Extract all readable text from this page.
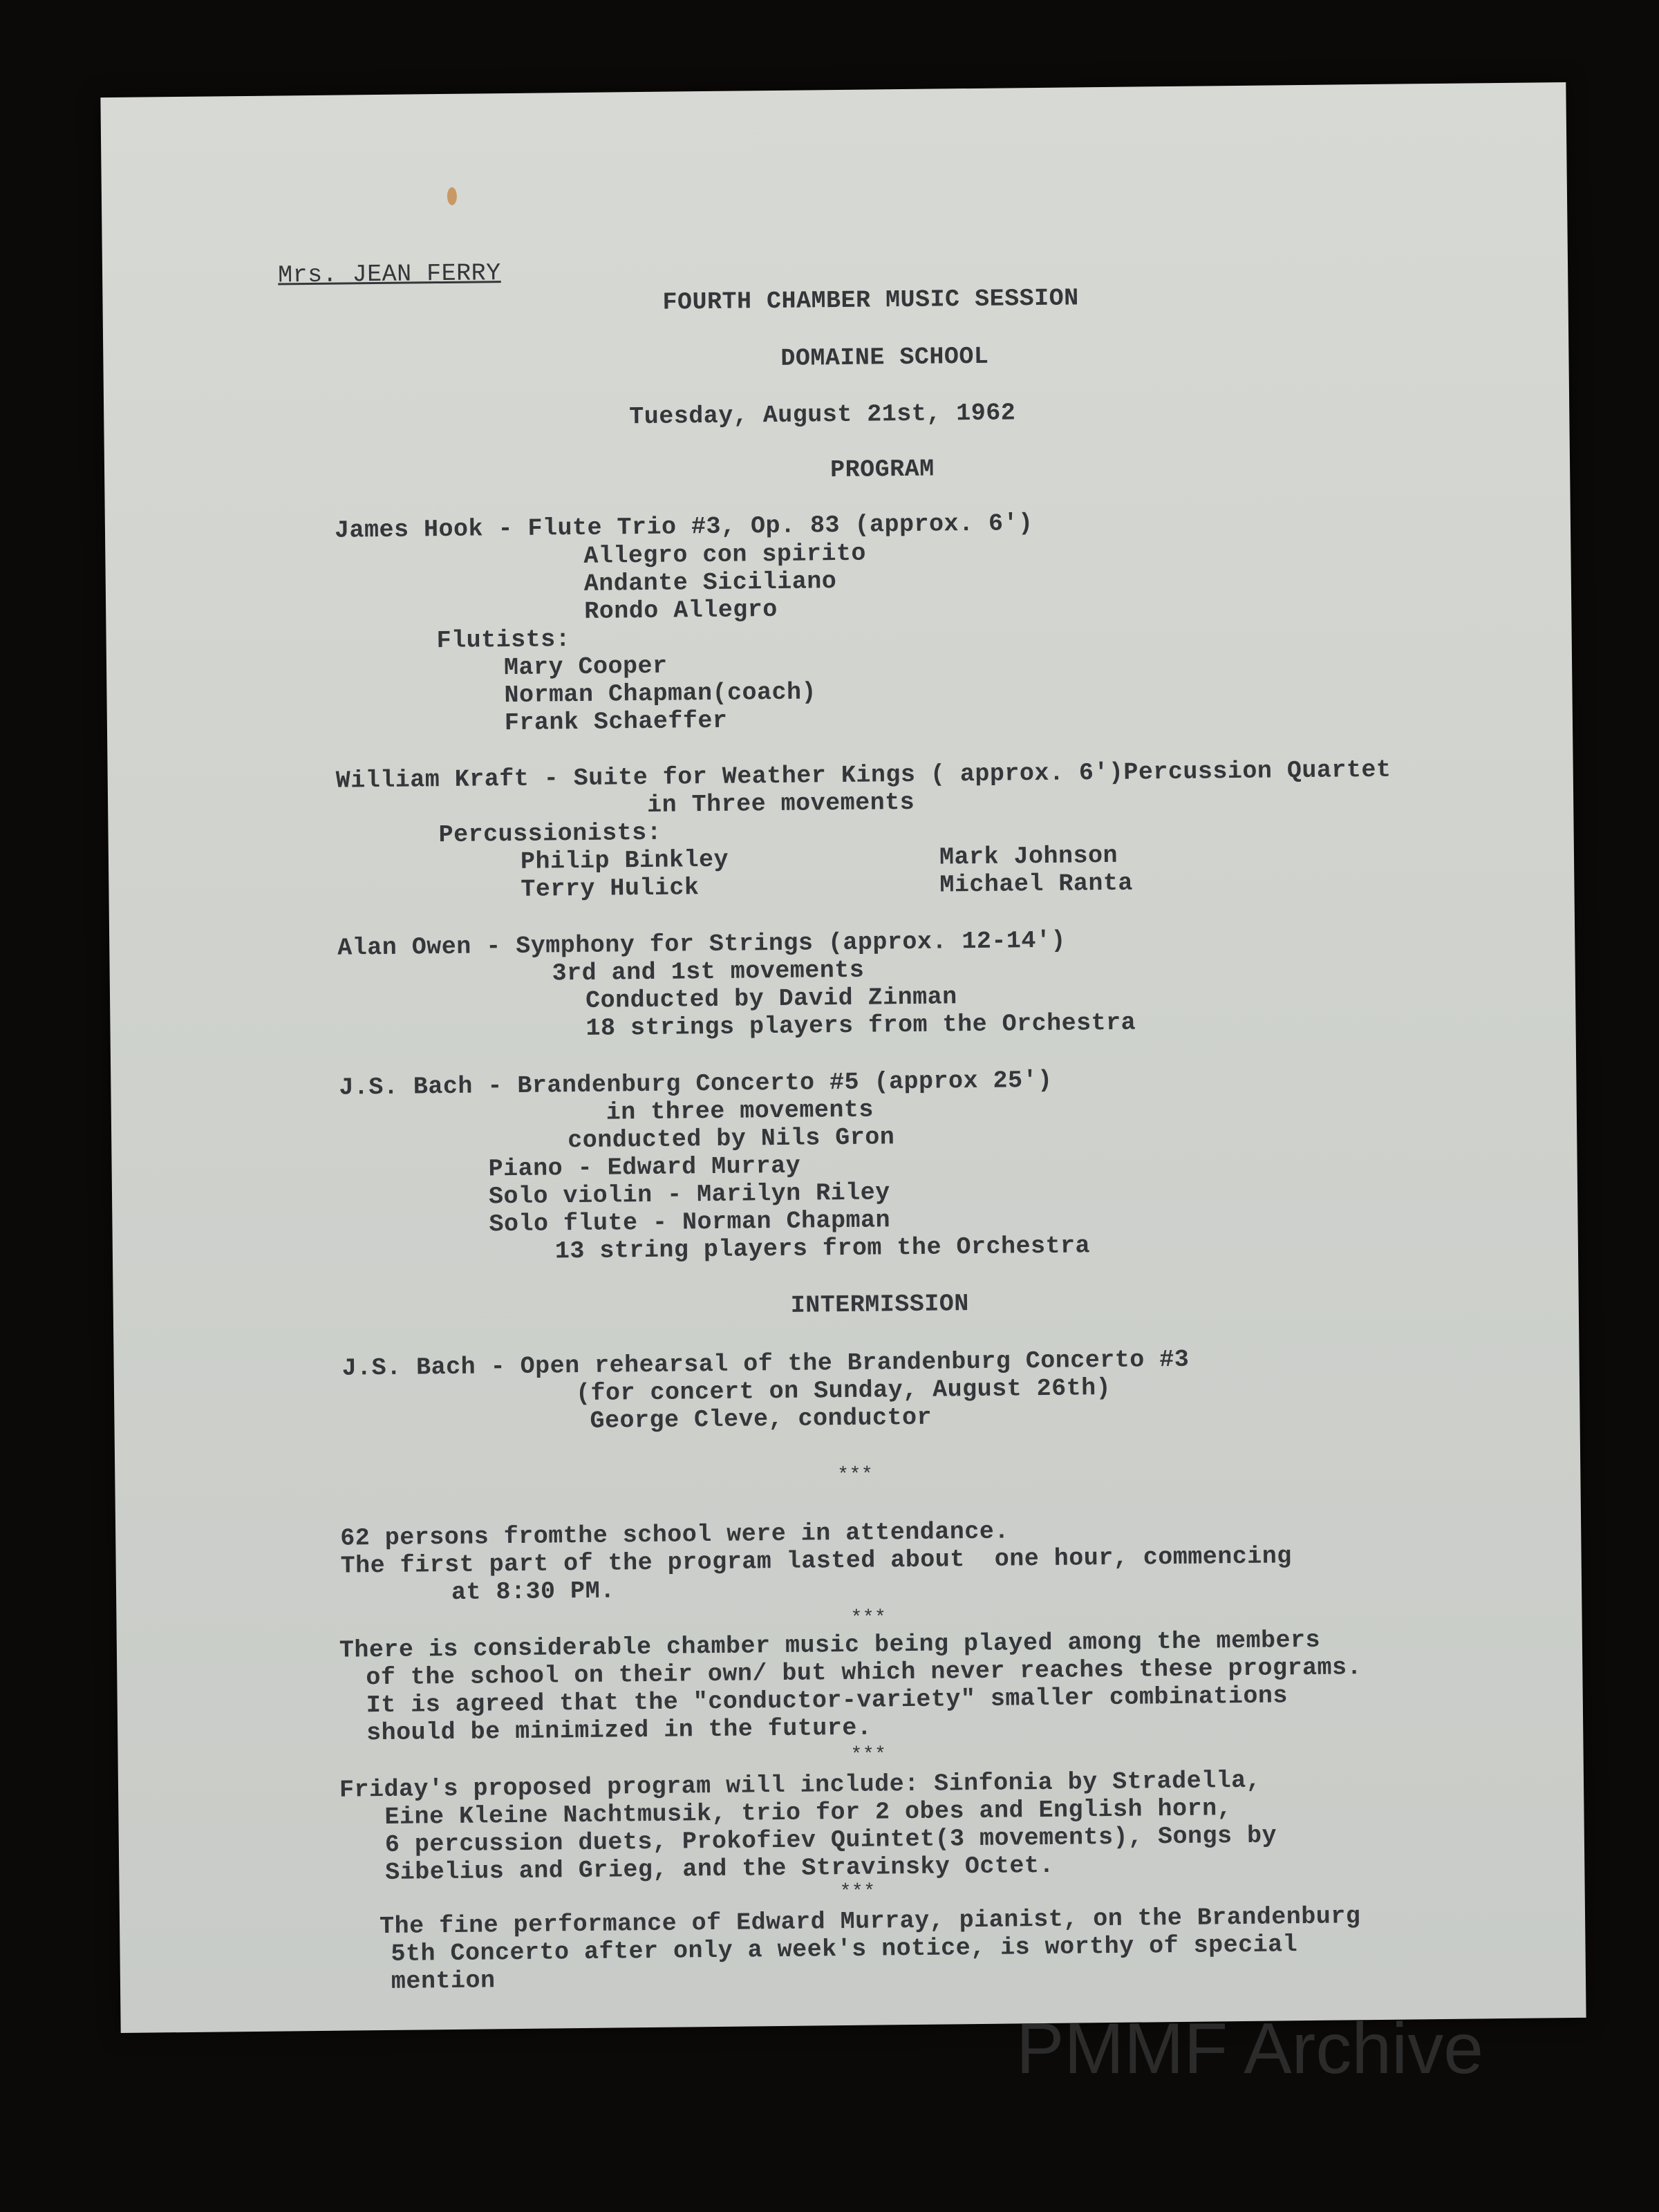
Mrs. JEAN FERRY
FOURTH CHAMBER MUSIC SESSION
DOMAINE SCHOOL
Tuesday, August 21st, 1962
PROGRAM
James Hook - Flute Trio #3, Op. 83 (approx. 6')
Allegro con spirito
Andante Siciliano
Rondo Allegro
Flutists:
Mary Cooper
Norman Chapman(coach)
Frank Schaeffer
William Kraft - Suite for Weather Kings ( approx. 6')Percussion Quartet
in Three movements
Percussionists:
Philip Binkley
Terry Hulick
Mark Johnson
Michael Ranta
Alan Owen - Symphony for Strings (approx. 12-14')
3rd and 1st movements
Conducted by David Zinman
18 strings players from the Orchestra
J.S. Bach - Brandenburg Concerto #5 (approx 25')
in three movements
conducted by Nils Gron
Piano - Edward Murray
Solo violin - Marilyn Riley
Solo flute - Norman Chapman
13 string players from the Orchestra
INTERMISSION
J.S. Bach - Open rehearsal of the Brandenburg Concerto #3
(for concert on Sunday, August 26th)
George Cleve, conductor
***
62 persons fromthe school were in attendance.
The first part of the program lasted about  one hour, commencing
at 8:30 PM.
***
There is considerable chamber music being played among the members
of the school on their own/ but which never reaches these programs.
It is agreed that the "conductor-variety" smaller combinations
should be minimized in the future.
***
Friday's proposed program will include: Sinfonia by Stradella,
Eine Kleine Nachtmusik, trio for 2 obes and English horn,
6 percussion duets, Prokofiev Quintet(3 movements), Songs by
Sibelius and Grieg, and the Stravinsky Octet.
***
The fine performance of Edward Murray, pianist, on the Brandenburg
5th Concerto after only a week's notice, is worthy of special
mention
PMMF Archive
